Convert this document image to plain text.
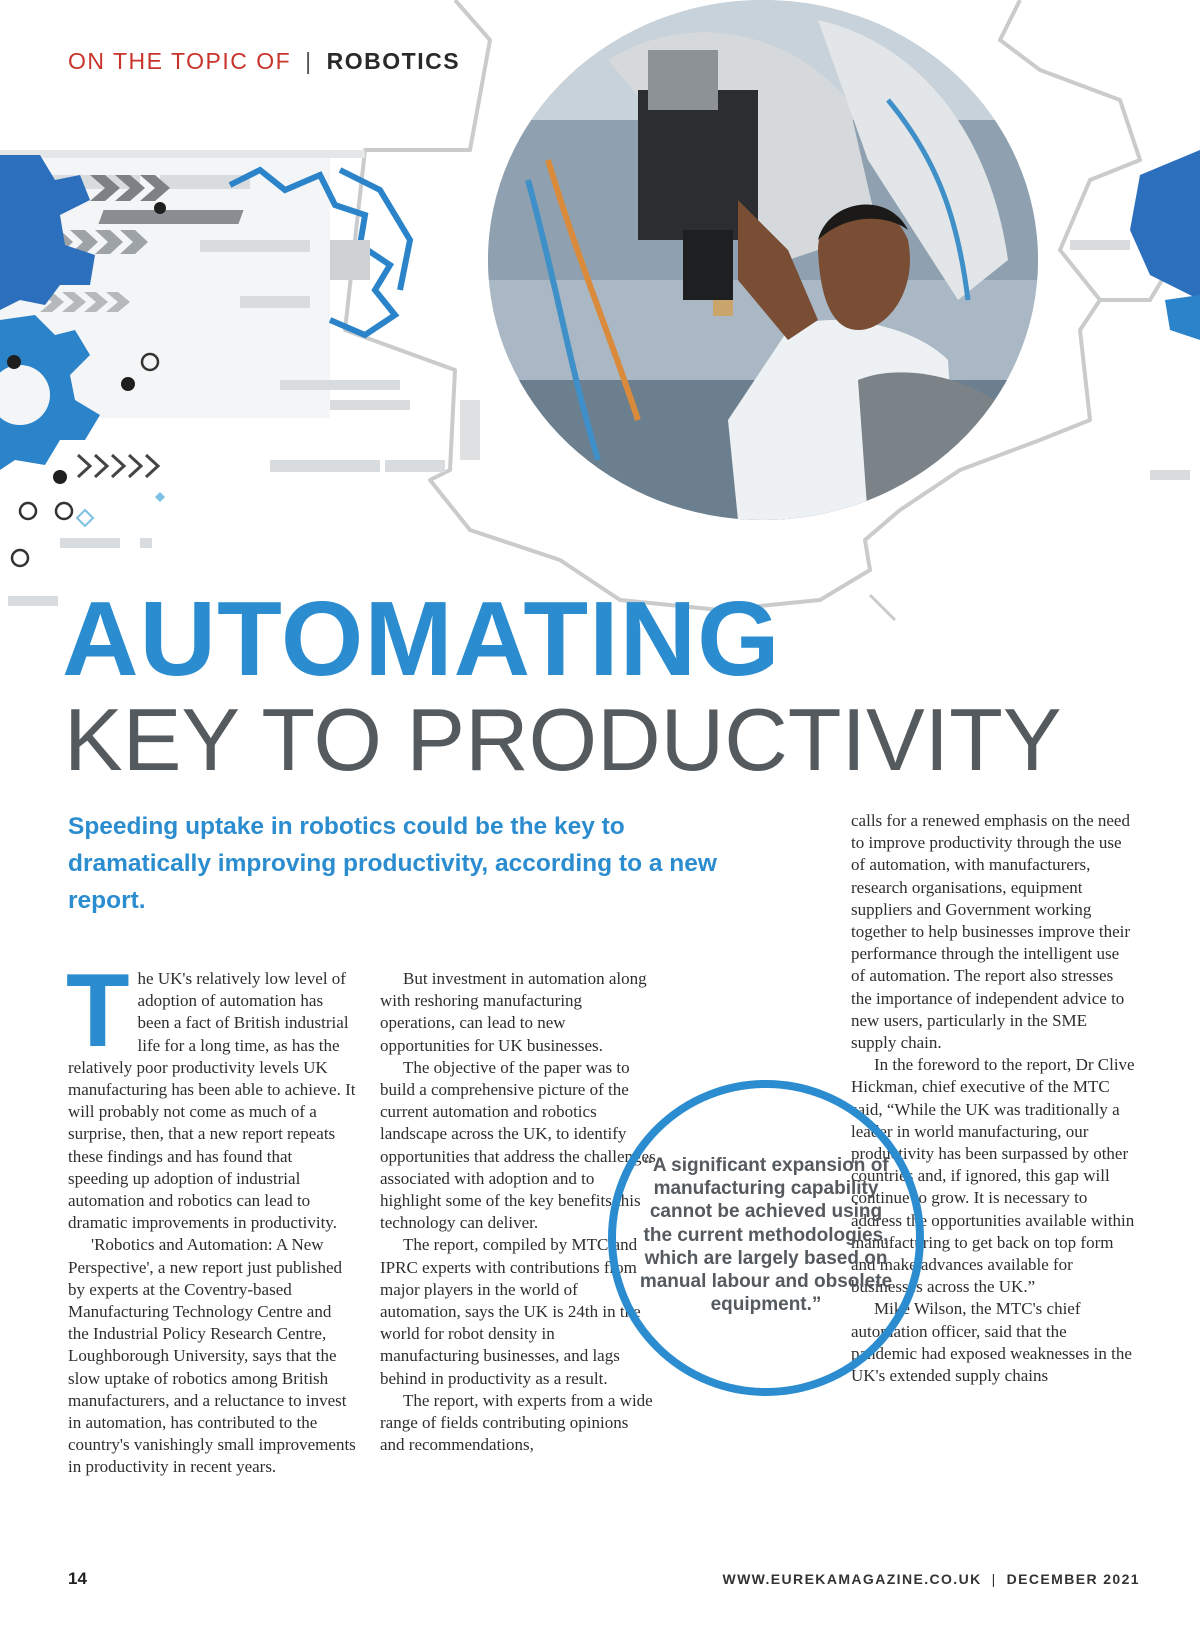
ON THE TOPIC OF | ROBOTICS
AUTOMATING
KEY TO PRODUCTIVITY
Speeding uptake in robotics could be the key to dramatically improving productivity, according to a new report.
T he UK's relatively low level of adoption of automation has been a fact of British industrial life for a long time, as has the relatively poor productivity levels UK manufacturing has been able to achieve. It will probably not come as much of a surprise, then, that a new report repeats these findings and has found that speeding up adoption of industrial automation and robotics can lead to dramatic improvements in productivity.

'Robotics and Automation: A New Perspective', a new report just published by experts at the Coventry-based Manufacturing Technology Centre and the Industrial Policy Research Centre, Loughborough University, says that the slow uptake of robotics among British manufacturers, and a reluctance to invest in automation, has contributed to the country's vanishingly small improvements in productivity in recent years.

But investment in automation along with reshoring manufacturing operations, can lead to new opportunities for UK businesses.

The objective of the paper was to build a comprehensive picture of the current automation and robotics landscape across the UK, to identify opportunities that address the challenges associated with adoption and to highlight some of the key benefits this technology can deliver.

The report, compiled by MTC and IPRC experts with contributions from major players in the world of automation, says the UK is 24th in the world for robot density in manufacturing businesses, and lags behind in productivity as a result.

The report, with experts from a wide range of fields contributing opinions and recommendations,

calls for a renewed emphasis on the need to improve productivity through the use of automation, with manufacturers, research organisations, equipment suppliers and Government working together to help businesses improve their performance through the intelligent use of automation. The report also stresses the importance of independent advice to new users, particularly in the SME supply chain.

In the foreword to the report, Dr Clive Hickman, chief executive of the MTC said, “While the UK was traditionally a leader in world manufacturing, our productivity has been surpassed by other countries and, if ignored, this gap will continue to grow. It is necessary to address the opportunities available within manufacturing to get back on top form and make advances available for businesses across the UK.”

Mike Wilson, the MTC's chief automation officer, said that the pandemic had exposed weaknesses in the UK's extended supply chains

“A significant expansion of manufacturing capability cannot be achieved using the current methodologies, which are largely based on manual labour and obsolete equipment.”
14	WWW.EUREKAMAGAZINE.CO.UK | DECEMBER 2021
